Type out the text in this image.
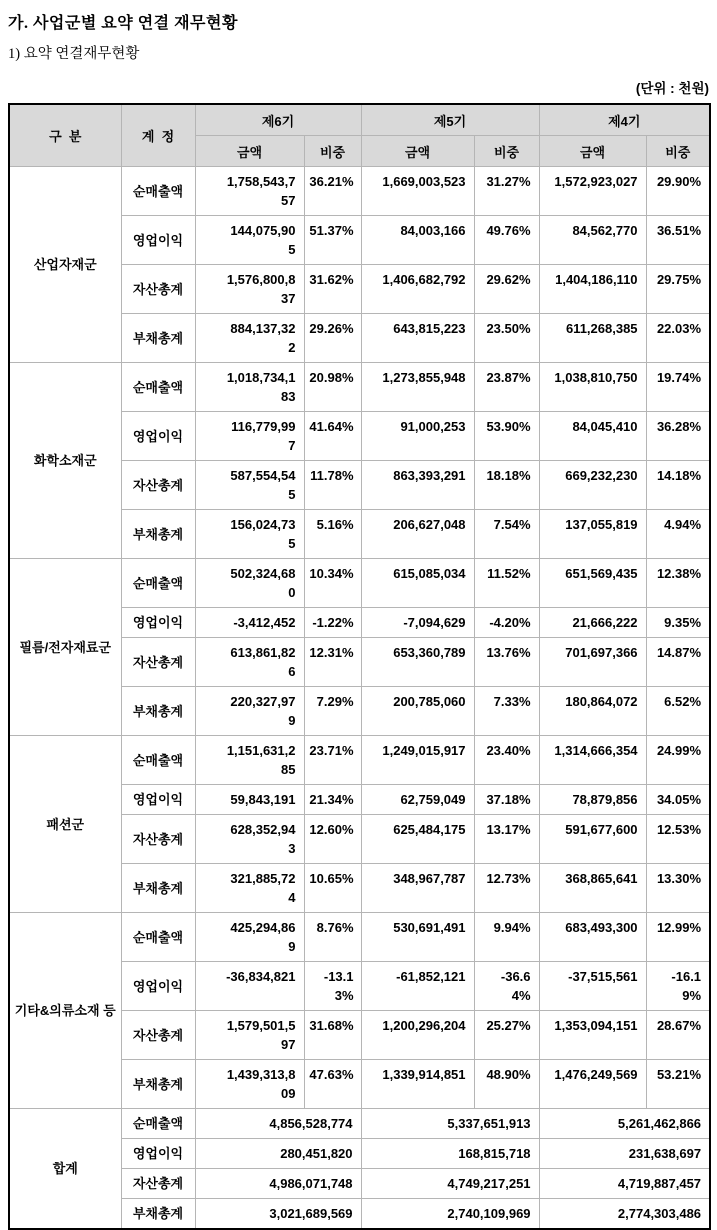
가. 사업군별 요약 연결 재무현황
1) 요약 연결재무현황
(단위 : 천원)
구  분	계  정	제6기		제5기		제4기	
		금액	비중	금액	비중	금액	비중
산업자재군	순매출액	1,758,543,757	36.21%	1,669,003,523	31.27%	1,572,923,027	29.90%
	영업이익	144,075,905	51.37%	84,003,166	49.76%	84,562,770	36.51%
	자산총계	1,576,800,837	31.62%	1,406,682,792	29.62%	1,404,186,110	29.75%
	부채총계	884,137,322	29.26%	643,815,223	23.50%	611,268,385	22.03%
화학소재군	순매출액	1,018,734,183	20.98%	1,273,855,948	23.87%	1,038,810,750	19.74%
	영업이익	116,779,997	41.64%	91,000,253	53.90%	84,045,410	36.28%
	자산총계	587,554,545	11.78%	863,393,291	18.18%	669,232,230	14.18%
	부채총계	156,024,735	5.16%	206,627,048	7.54%	137,055,819	4.94%
필름/전자재료군	순매출액	502,324,680	10.34%	615,085,034	11.52%	651,569,435	12.38%
	영업이익	-3,412,452	-1.22%	-7,094,629	-4.20%	21,666,222	9.35%
	자산총계	613,861,826	12.31%	653,360,789	13.76%	701,697,366	14.87%
	부채총계	220,327,979	7.29%	200,785,060	7.33%	180,864,072	6.52%
패션군	순매출액	1,151,631,285	23.71%	1,249,015,917	23.40%	1,314,666,354	24.99%
	영업이익	59,843,191	21.34%	62,759,049	37.18%	78,879,856	34.05%
	자산총계	628,352,943	12.60%	625,484,175	13.17%	591,677,600	12.53%
	부채총계	321,885,724	10.65%	348,967,787	12.73%	368,865,641	13.30%
기타&의류소재 등	순매출액	425,294,869	8.76%	530,691,491	9.94%	683,493,300	12.99%
	영업이익	-36,834,821	-13.13%	-61,852,121	-36.64%	-37,515,561	-16.19%
	자산총계	1,579,501,597	31.68%	1,200,296,204	25.27%	1,353,094,151	28.67%
	부채총계	1,439,313,809	47.63%	1,339,914,851	48.90%	1,476,249,569	53.21%
합계	순매출액	4,856,528,774		5,337,651,913		5,261,462,866	
	영업이익	280,451,820		168,815,718		231,638,697	
	자산총계	4,986,071,748		4,749,217,251		4,719,887,457	
	부채총계	3,021,689,569		2,740,109,969		2,774,303,486	
